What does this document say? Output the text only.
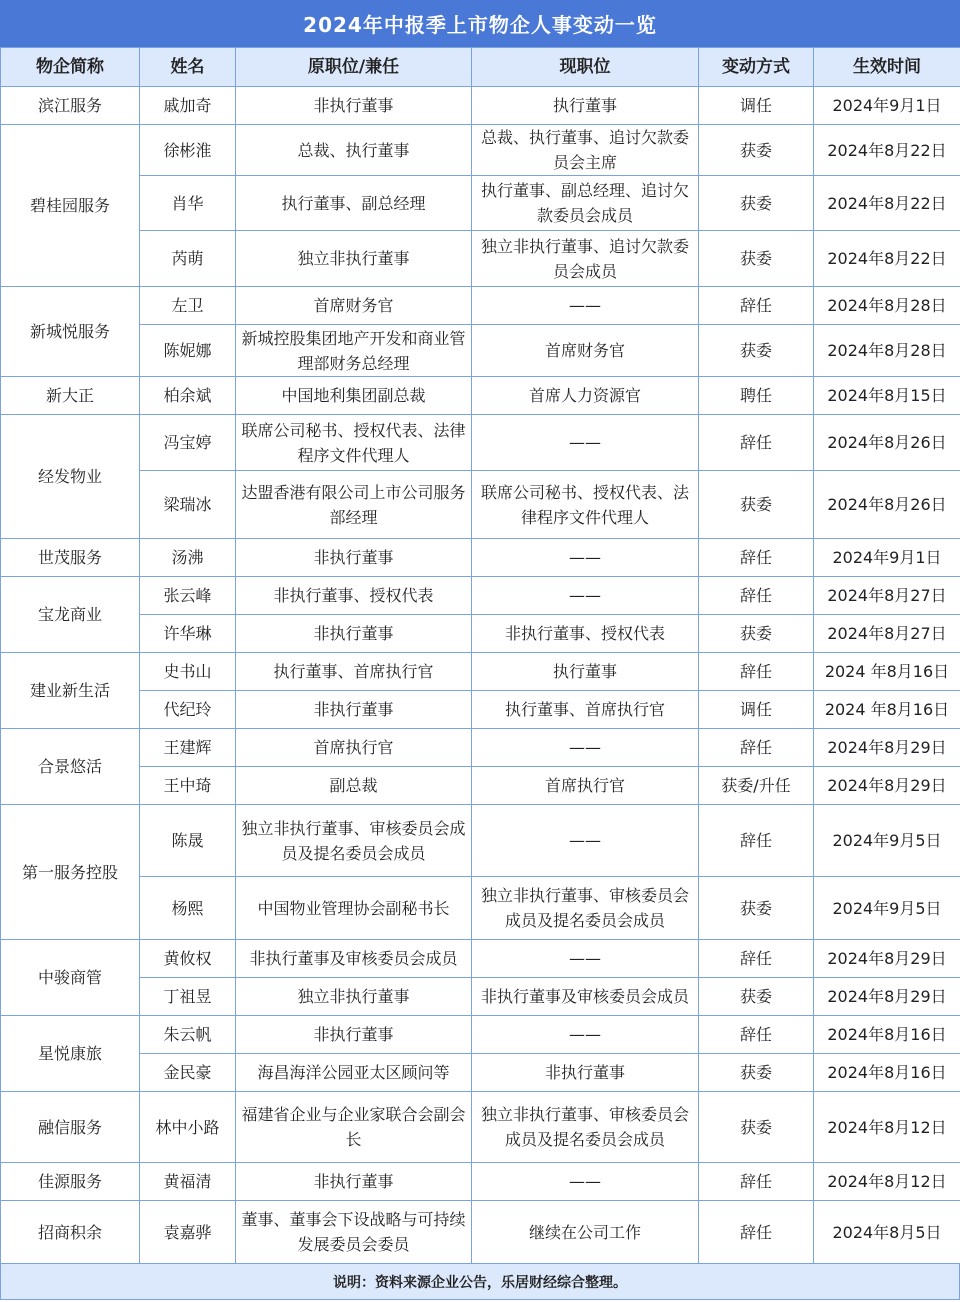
2024年中报季上市物企人事变动一览
物企简称	姓名	原职位/兼任	现职位	变动方式	生效时间
滨江服务	戚加奇	非执行董事	执行董事	调任	2024年9月1日
碧桂园服务	徐彬淮	总裁、执行董事	总裁、执行董事、追讨欠款委员会主席	获委	2024年8月22日
	肖华	执行董事、副总经理	执行董事、副总经理、追讨欠款委员会成员	获委	2024年8月22日
	芮萌	独立非执行董事	独立非执行董事、追讨欠款委员会成员	获委	2024年8月22日
新城悦服务	左卫	首席财务官	——	辞任	2024年8月28日
	陈妮娜	新城控股集团地产开发和商业管理部财务总经理	首席财务官	获委	2024年8月28日
新大正	柏余斌	中国地利集团副总裁	首席人力资源官	聘任	2024年8月15日
经发物业	冯宝婷	联席公司秘书、授权代表、法律程序文件代理人	——	辞任	2024年8月26日
	梁瑞冰	达盟香港有限公司上市公司服务部经理	联席公司秘书、授权代表、法律程序文件代理人	获委	2024年8月26日
世茂服务	汤沸	非执行董事	——	辞任	2024年9月1日
宝龙商业	张云峰	非执行董事、授权代表	——	辞任	2024年8月27日
	许华琳	非执行董事	非执行董事、授权代表	获委	2024年8月27日
建业新生活	史书山	执行董事、首席执行官	执行董事	辞任	2024 年8月16日
	代纪玲	非执行董事	执行董事、首席执行官	调任	2024 年8月16日
合景悠活	王建辉	首席执行官	——	辞任	2024年8月29日
	王中琦	副总裁	首席执行官	获委/升任	2024年8月29日
第一服务控股	陈晟	独立非执行董事、审核委员会成员及提名委员会成员	——	辞任	2024年9月5日
	杨熙	中国物业管理协会副秘书长	独立非执行董事、审核委员会成员及提名委员会成员	获委	2024年9月5日
中骏商管	黄攸权	非执行董事及审核委员会成员	——	辞任	2024年8月29日
	丁祖昱	独立非执行董事	非执行董事及审核委员会成员	获委	2024年8月29日
星悦康旅	朱云帆	非执行董事	——	辞任	2024年8月16日
	金民豪	海昌海洋公园亚太区顾问等	非执行董事	获委	2024年8月16日
融信服务	林中小路	福建省企业与企业家联合会副会长	独立非执行董事、审核委员会成员及提名委员会成员	获委	2024年8月12日
佳源服务	黄福清	非执行董事	——	辞任	2024年8月12日
招商积余	袁嘉骅	董事、董事会下设战略与可持续发展委员会委员	继续在公司工作	辞任	2024年8月5日
说明：资料来源企业公告，乐居财经综合整理。
